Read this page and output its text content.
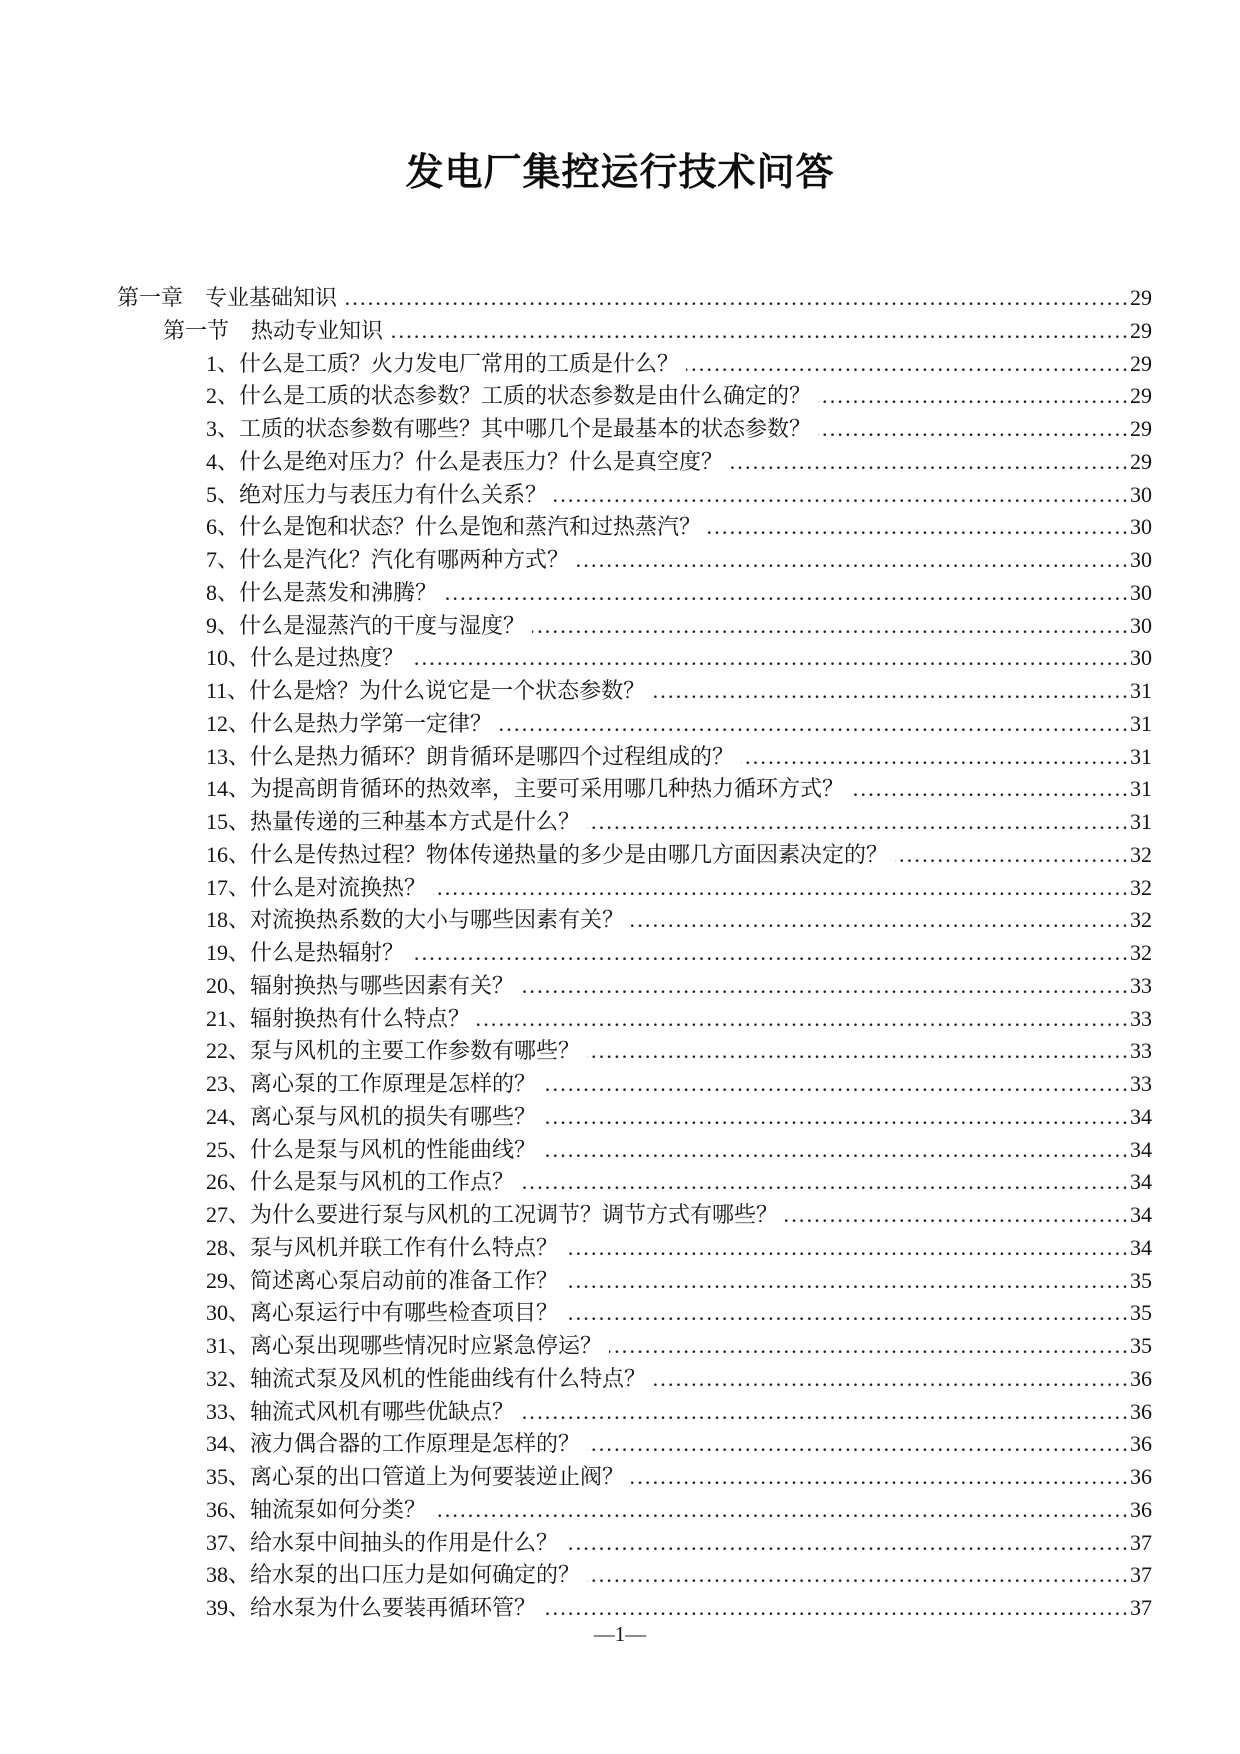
发电厂集控运行技术问答
第一章　专业基础知识 .....	29
第一节　热动专业知识 .....	29
1、什么是工质？火力发电厂常用的工质是什么？ .....	29
2、什么是工质的状态参数？工质的状态参数是由什么确定的？ .....	29
3、工质的状态参数有哪些？其中哪几个是最基本的状态参数？ .....	29
4、什么是绝对压力？什么是表压力？什么是真空度？ .....	29
5、绝对压力与表压力有什么关系？ .....	30
6、什么是饱和状态？什么是饱和蒸汽和过热蒸汽？ .....	30
7、什么是汽化？汽化有哪两种方式？ .....	30
8、什么是蒸发和沸腾？ .....	30
9、什么是湿蒸汽的干度与湿度？ .....	30
10、什么是过热度？ .....	30
11、什么是焓？为什么说它是一个状态参数？ .....	31
12、什么是热力学第一定律？ .....	31
13、什么是热力循环？朗肯循环是哪四个过程组成的？ .....	31
14、为提高朗肯循环的热效率，主要可采用哪几种热力循环方式？ .....	31
15、热量传递的三种基本方式是什么？ .....	31
16、什么是传热过程？物体传递热量的多少是由哪几方面因素决定的？ .....	32
17、什么是对流换热？ .....	32
18、对流换热系数的大小与哪些因素有关？ .....	32
19、什么是热辐射？ .....	32
20、辐射换热与哪些因素有关？ .....	33
21、辐射换热有什么特点？ .....	33
22、泵与风机的主要工作参数有哪些？ .....	33
23、离心泵的工作原理是怎样的？ .....	33
24、离心泵与风机的损失有哪些？ .....	34
25、什么是泵与风机的性能曲线？ .....	34
26、什么是泵与风机的工作点？ .....	34
27、为什么要进行泵与风机的工况调节？调节方式有哪些？ .....	34
28、泵与风机并联工作有什么特点？ .....	34
29、简述离心泵启动前的准备工作？ .....	35
30、离心泵运行中有哪些检查项目？ .....	35
31、离心泵出现哪些情况时应紧急停运？ .....	35
32、轴流式泵及风机的性能曲线有什么特点？ .....	36
33、轴流式风机有哪些优缺点？ .....	36
34、液力偶合器的工作原理是怎样的？ .....	36
35、离心泵的出口管道上为何要装逆止阀？ .....	36
36、轴流泵如何分类？ .....	36
37、给水泵中间抽头的作用是什么？ .....	37
38、给水泵的出口压力是如何确定的？ .....	37
39、给水泵为什么要装再循环管？ .....	37
—1—
